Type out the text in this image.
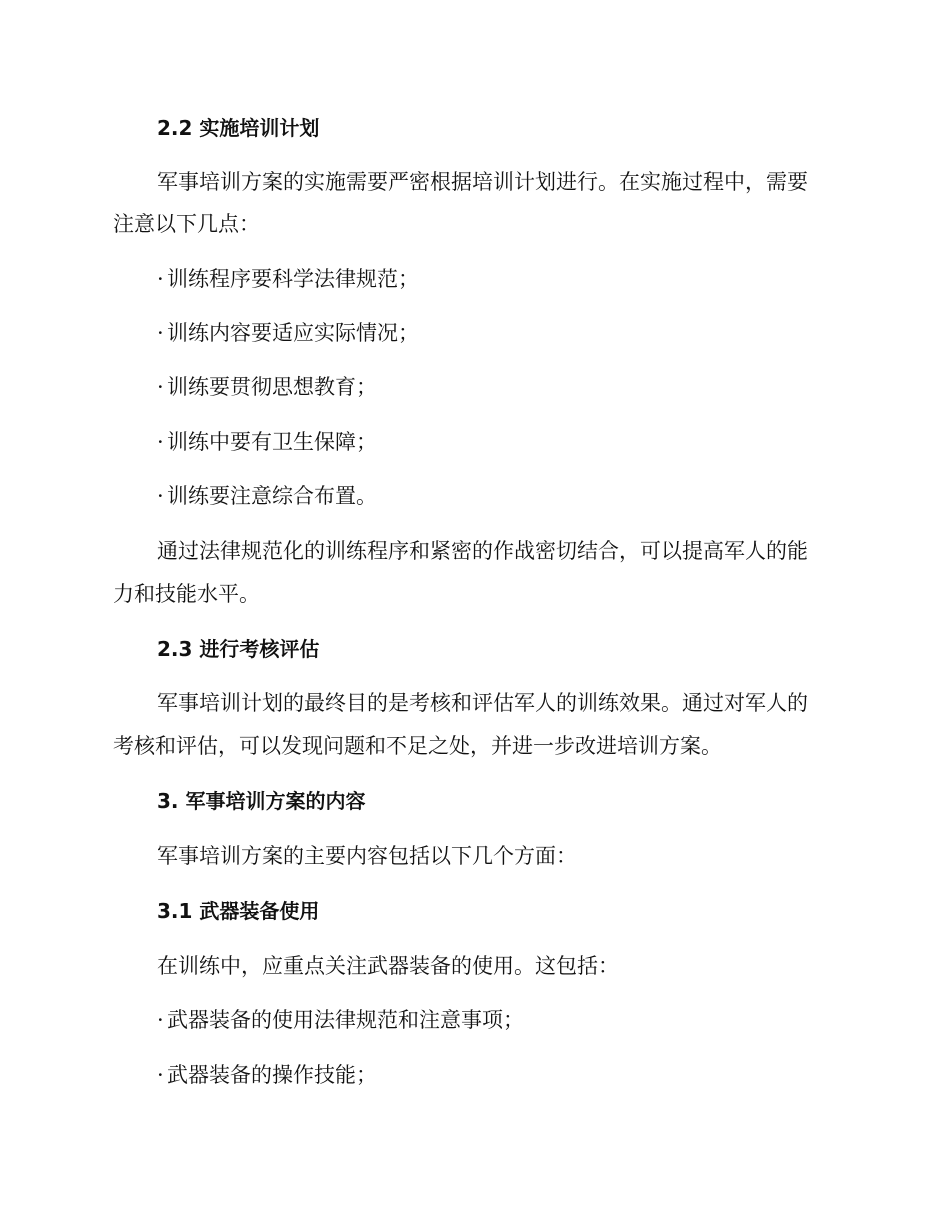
2.2 实施培训计划
军事培训方案的实施需要严密根据培训计划进行。在实施过程中，需要
注意以下几点：
· 训练程序要科学法律规范；
· 训练内容要适应实际情况；
· 训练要贯彻思想教育；
· 训练中要有卫生保障；
· 训练要注意综合布置。
通过法律规范化的训练程序和紧密的作战密切结合，可以提高军人的能
力和技能水平。
2.3 进行考核评估
军事培训计划的最终目的是考核和评估军人的训练效果。通过对军人的
考核和评估，可以发现问题和不足之处，并进一步改进培训方案。
3. 军事培训方案的内容
军事培训方案的主要内容包括以下几个方面：
3.1 武器装备使用
在训练中，应重点关注武器装备的使用。这包括：
· 武器装备的使用法律规范和注意事项；
· 武器装备的操作技能；
